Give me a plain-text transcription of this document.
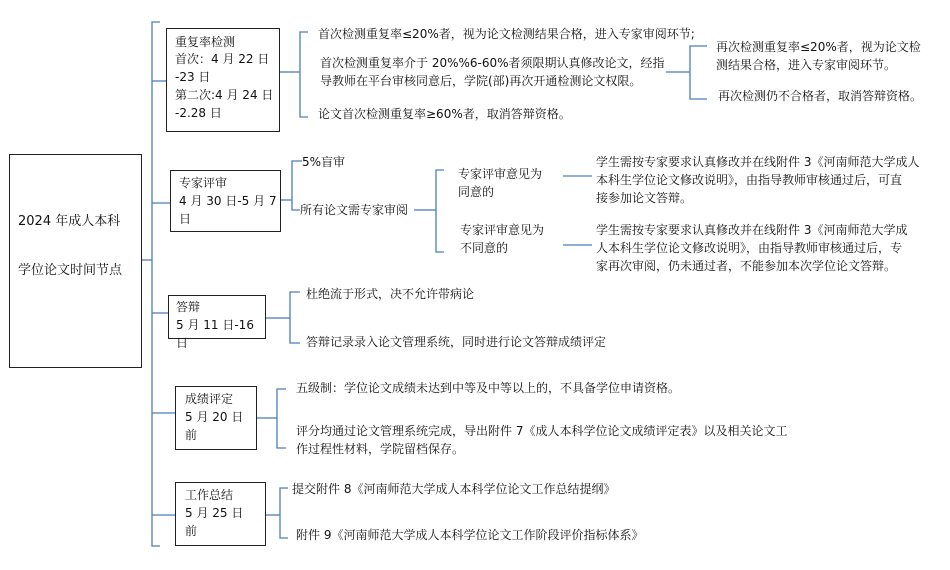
2024 年成人本科
学位论文时间节点
重复率检测
首次：4 月 22 日
-23 日
第二次:4 月 24 日
-2.28 日
首次检测重复率≤20%者，视为论文检测结果合格，进入专家审阅环节;
首次检测重复率介于 20%%6-60%者须限期认真修改论文，经指
导教师在平台审核同意后，学院(部)再次开通检测论文权限。
论文首次检测重复率≥60%者，取消答辩资格。
再次检测重复率≤20%者，视为论文检
测结果合格，进入专家审阅环节。
再次检测仍不合格者，取消答辩资格。
专家评审
4 月 30 日-5 月 7
日
5%盲审
所有论文需专家审阅
专家评审意见为
同意的
学生需按专家要求认真修改并在线附件 3《河南师范大学成人
本科生学位论文修改说明》，由指导教师审核通过后，可直
接参加论文答辩。
专家评审意见为
不同意的
学生需按专家要求认真修改并在线附件 3《河南师范大学成
人本科生学位论文修改说明》，由指导教师审核通过后，专
家再次审阅，仍未通过者，不能参加本次学位论文答辩。
答辩
5 月 11 日-16 日
杜绝流于形式，决不允许带病论
答辩记录录入论文管理系统，同时进行论文答辩成绩评定
成绩评定
5 月 20 日
前
五级制：学位论文成绩未达到中等及中等以上的，不具备学位申请资格。
评分均通过论文管理系统完成，导出附件 7《成人本科学位论文成绩评定表》以及相关论文工
作过程性材料，学院留档保存。
工作总结
5 月 25 日
前
提交附件 8《河南师范大学成人本科学位论文工作总结提纲》
附件 9《河南师范大学成人本科学位论文工作阶段评价指标体系》
